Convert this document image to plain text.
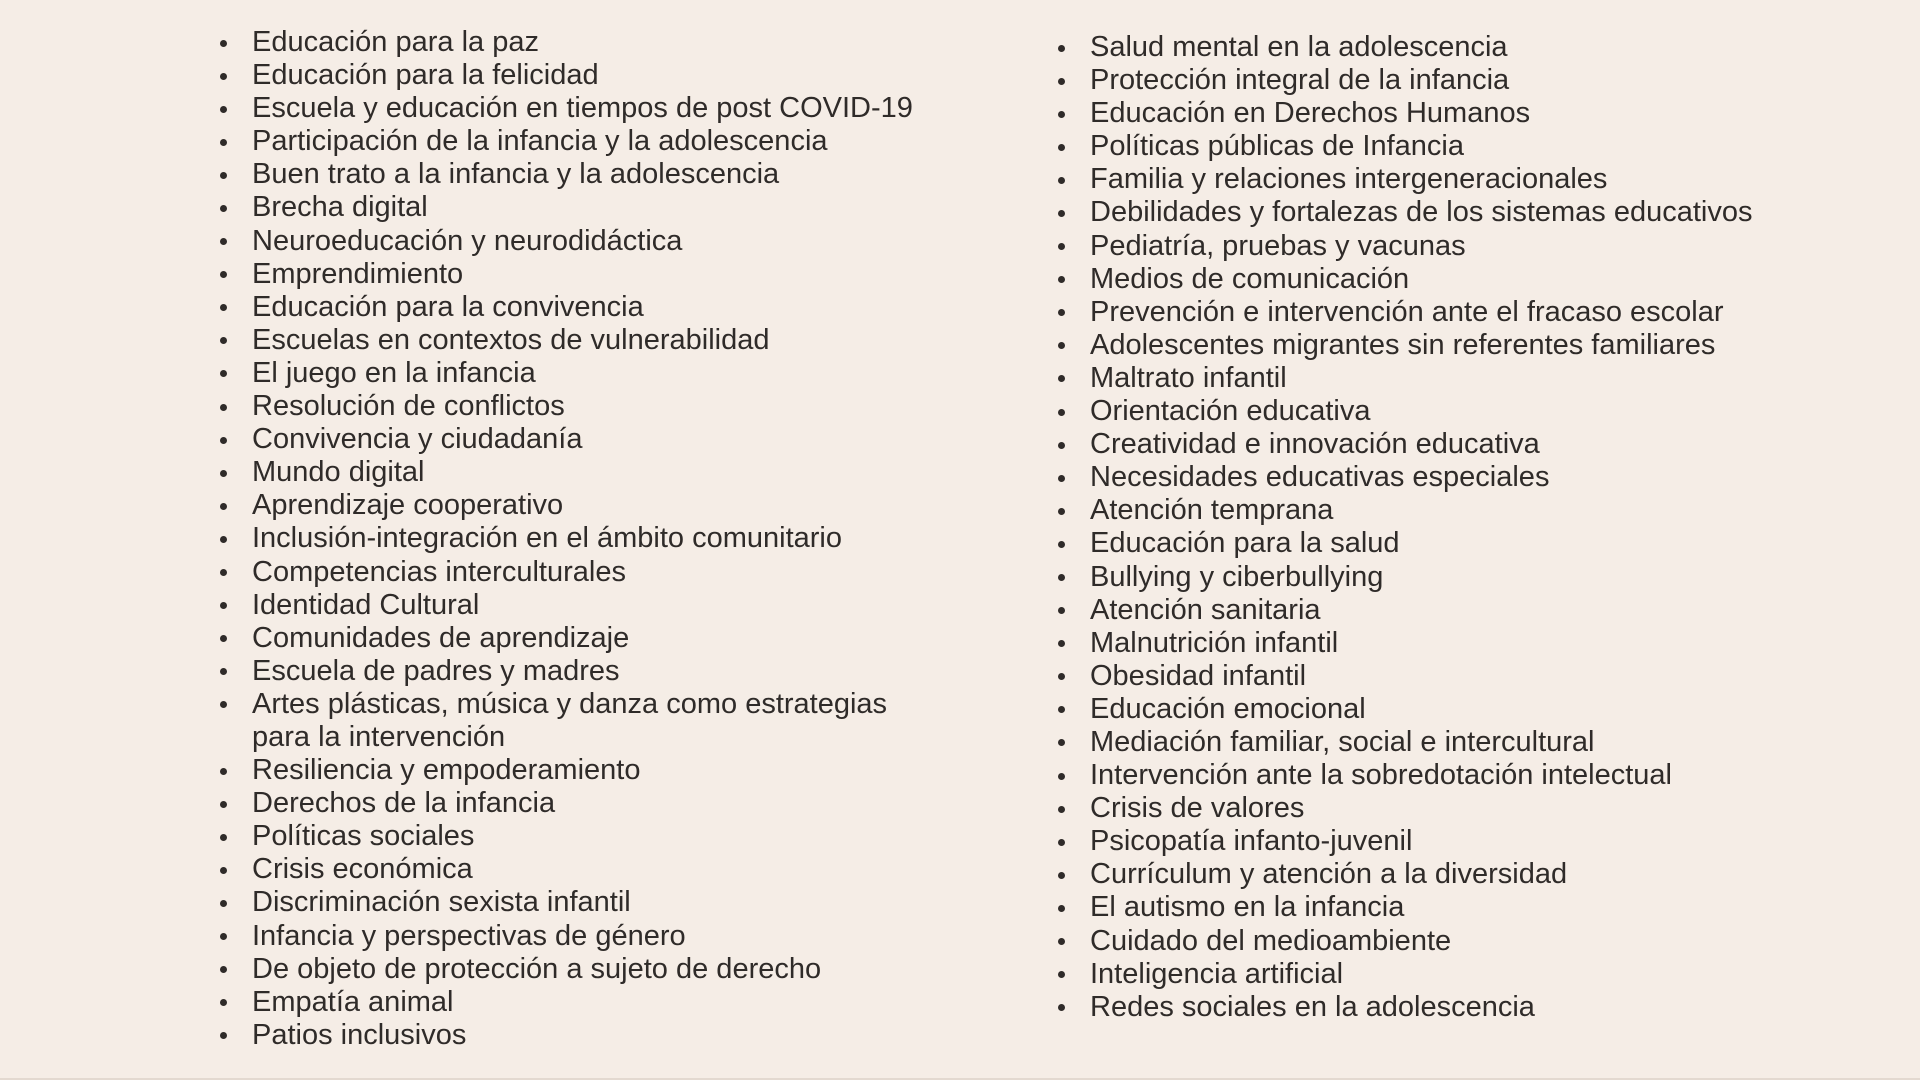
Educación para la paz
Educación para la felicidad
Escuela y educación en tiempos de post COVID-19
Participación de la infancia y la adolescencia
Buen trato a la infancia y la adolescencia
Brecha digital
Neuroeducación y neurodidáctica
Emprendimiento
Educación para la convivencia
Escuelas en contextos de vulnerabilidad
El juego en la infancia
Resolución de conflictos
Convivencia y ciudadanía
Mundo digital
Aprendizaje cooperativo
Inclusión-integración en el ámbito comunitario
Competencias interculturales
Identidad Cultural
Comunidades de aprendizaje
Escuela de padres y madres
Artes plásticas, música y danza como estrategias para la intervención
Resiliencia y empoderamiento
Derechos de la infancia
Políticas sociales
Crisis económica
Discriminación sexista infantil
Infancia y perspectivas de género
De objeto de protección a sujeto de derecho
Empatía animal
Patios inclusivos
Salud mental en la adolescencia
Protección integral de la infancia
Educación en Derechos Humanos
Políticas públicas de Infancia
Familia y relaciones intergeneracionales
Debilidades y fortalezas de los sistemas educativos
Pediatría, pruebas y vacunas
Medios de comunicación
Prevención e intervención ante el fracaso escolar
Adolescentes migrantes sin referentes familiares
Maltrato infantil
Orientación educativa
Creatividad e innovación educativa
Necesidades educativas especiales
Atención temprana
Educación para la salud
Bullying y ciberbullying
Atención sanitaria
Malnutrición infantil
Obesidad infantil
Educación emocional
Mediación familiar, social e intercultural
Intervención ante la sobredotación intelectual
Crisis de valores
Psicopatía infanto-juvenil
Currículum y atención a la diversidad
El autismo en la infancia
Cuidado del medioambiente
Inteligencia artificial
Redes sociales en la adolescencia
